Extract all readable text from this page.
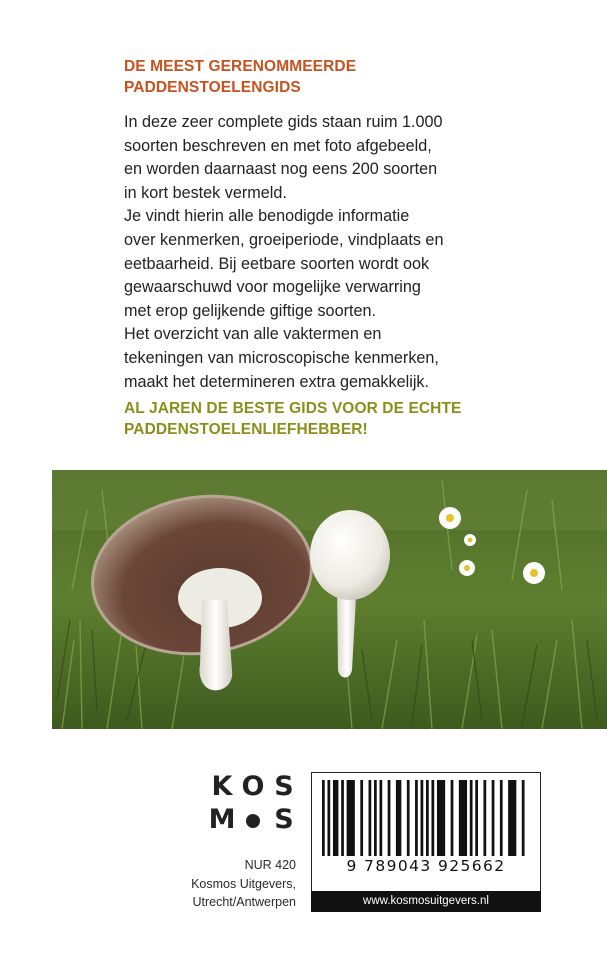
DE MEEST GERENOMMEERDE
PADDENSTOELENGIDS
In deze zeer complete gids staan ruim 1.000
soorten beschreven en met foto afgebeeld,
en worden daarnaast nog eens 200 soorten
in kort bestek vermeld.
Je vindt hierin alle benodigde informatie
over kenmerken, groeiperiode, vindplaats en
eetbaarheid. Bij eetbare soorten wordt ook
gewaarschuwd voor mogelijke verwarring
met erop gelijkende giftige soorten.
Het overzicht van alle vaktermen en
tekeningen van microscopische kenmerken,
maakt het determineren extra gemakkelijk.
AL JAREN DE BESTE GIDS VOOR DE ECHTE
PADDENSTOELENLIEFHEBBER!
K O S
M S
NUR 420
Kosmos Uitgevers,
Utrecht/Antwerpen
9 789043 925662
www.kosmosuitgevers.nl
